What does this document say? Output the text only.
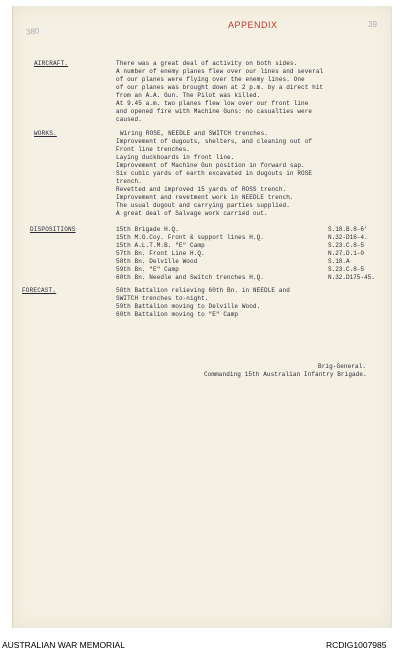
380
39
APPENDIX
AIRCRAFT.	There was a great deal of activity on both sides.
A number of enemy planes flew over our lines and several
of our planes were flying over the enemy lines. One
of our planes was brought down at 2 p.m. by a direct hit
from an A.A. Gun. The Pilot was killed.
At 9.45 a.m. two planes flew low over our front line
and opened fire with Machine Guns: no casualties were
caused.
WORKS.	Wiring ROSE, NEEDLE and SWITCH trenches.
Improvement of dugouts, shelters, and cleaning out of
Front line trenches.
Laying duckboards in front line.
Improvement of Machine Gun position in forward sap.
Six cubic yards of earth excavated in dugouts in ROSE
trench.
Revetted and improved 15 yards of ROSS trench.
Improvement and revetment work in NEEDLE trench.
The usual dugout and carrying parties supplied.
A great deal of Salvage work carried out.
DISPOSITIONS	15th Brigade H.Q.	S.18.B.8-6'
15th M.G.Coy. Front & support lines H.Q.	N.32-D16-4.
15th A.L.T.M.B. "E" Camp	S.23.C.8-5
57th Bn. Front Line H.Q.	N.27.D.1-0
58th Bn. Delville Wood	S.18.A
59th Bn. "E" Camp	S.23.C.8-5
60th Bn. Needle and Switch trenches H.Q.	N.32.D175-45.
FORECAST.	58th Battalion relieving 60th Bn. in NEEDLE and
SWITCH trenches to-night.
59th Battalion moving to Delville Wood.
60th Battalion moving to "E" Camp
Brig-General.
Commanding 15th Australian Infantry Brigade.
AUSTRALIAN WAR MEMORIAL	RCDIG1007985
